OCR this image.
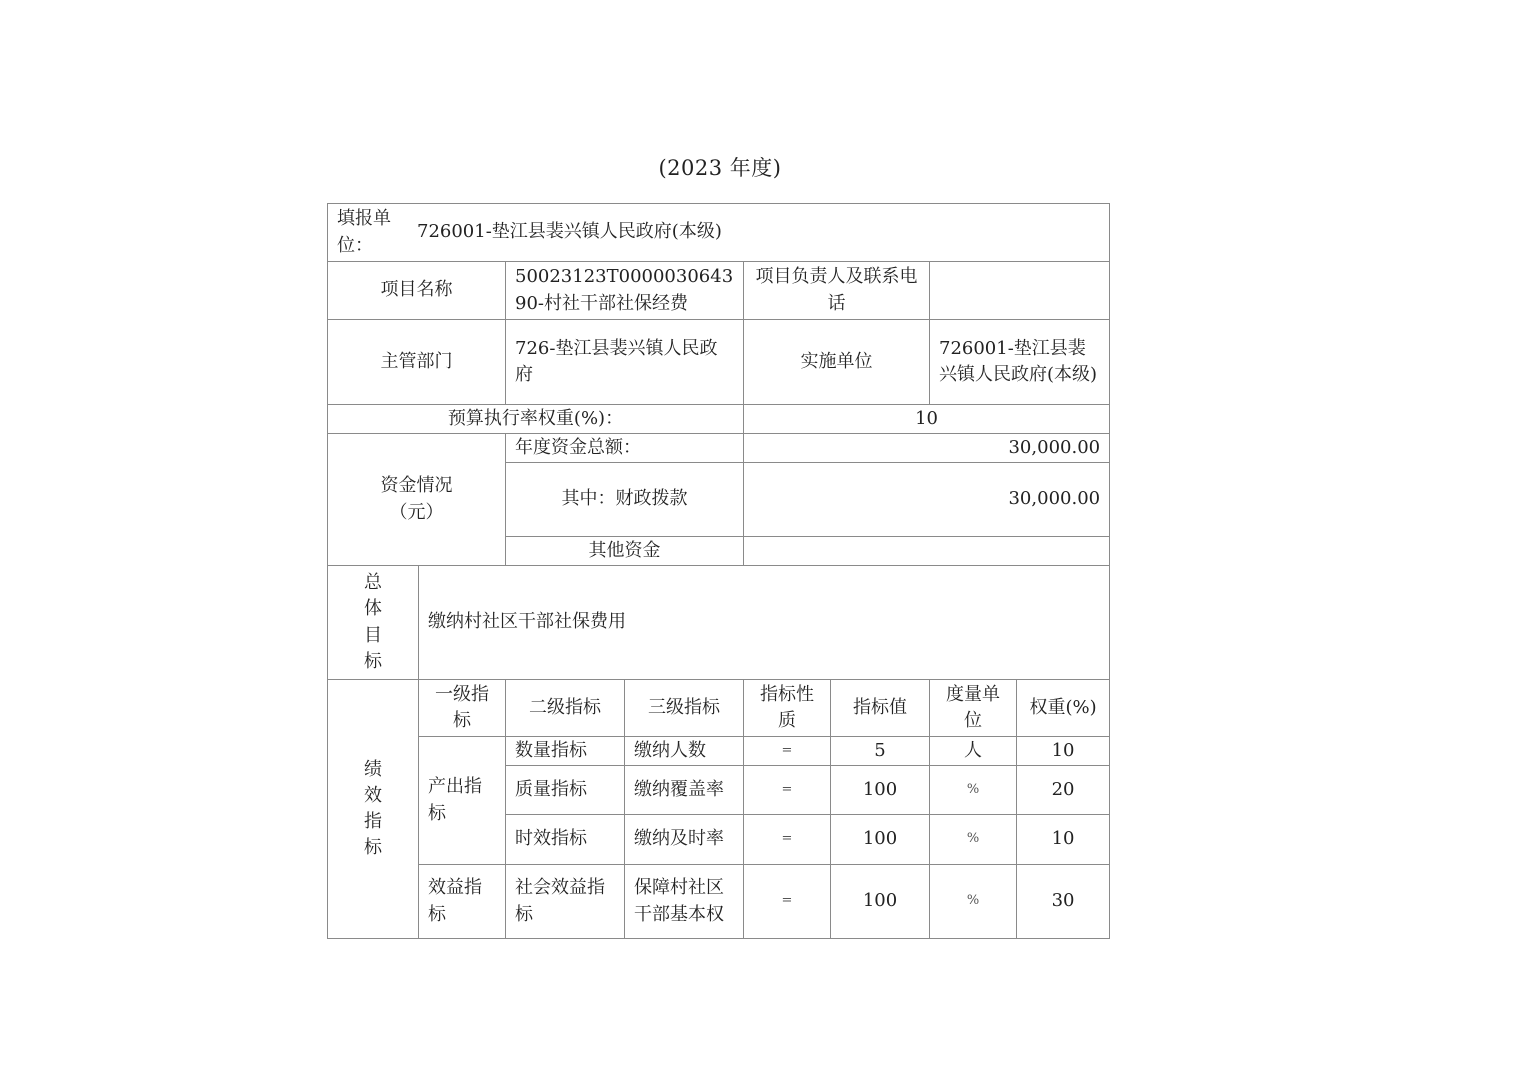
(2023 年度)
填报单位：726001-垫江县裴兴镇人民政府(本级)							
项目名称		50023123T000003064390-村社干部社保经费		项目负责人及联系电话			
主管部门		726-垫江县裴兴镇人民政府		实施单位		726001-垫江县裴兴镇人民政府(本级)	
预算执行率权重(%)：				10			
资金情况（元）		年度资金总额：		30,000.00			
		其中：财政拨款		30,000.00			
		其他资金					
总体目标	缴纳村社区干部社保费用						
绩效指标	一级指标	二级指标	三级指标	指标性质	指标值	度量单位	权重(%)
	产出指标	数量指标	缴纳人数	=	5	人	10
		质量指标	缴纳覆盖率	=	100	%	20
		时效指标	缴纳及时率	=	100	%	10
	效益指标	社会效益指标	保障村社区干部基本权	=	100	%	30
